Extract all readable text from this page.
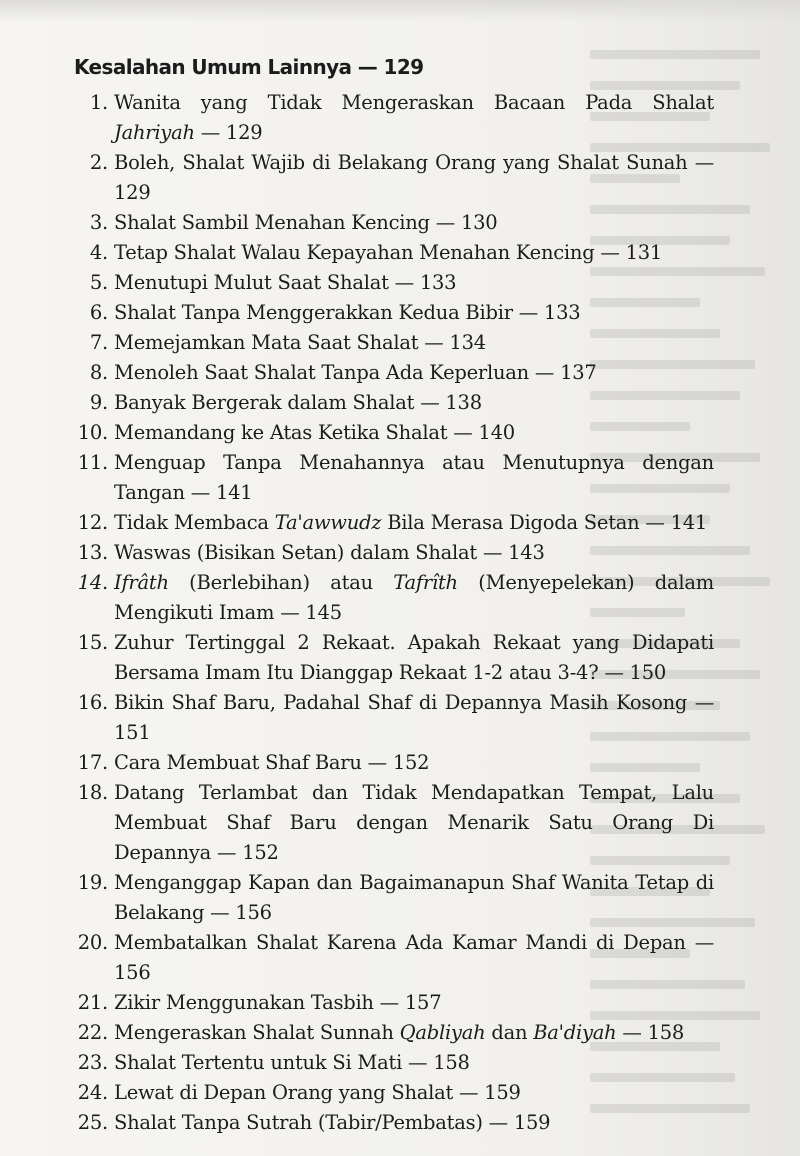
Kesalahan Umum Lainnya — 129
1. Wanita yang Tidak Mengeraskan Bacaan Pada Shalat Jahriyah — 129
2. Boleh, Shalat Wajib di Belakang Orang yang Shalat Sunah — 129
3. Shalat Sambil Menahan Kencing — 130
4. Tetap Shalat Walau Kepayahan Menahan Kencing — 131
5. Menutupi Mulut Saat Shalat — 133
6. Shalat Tanpa Menggerakkan Kedua Bibir — 133
7. Memejamkan Mata Saat Shalat — 134
8. Menoleh Saat Shalat Tanpa Ada Keperluan — 137
9. Banyak Bergerak dalam Shalat — 138
10. Memandang ke Atas Ketika Shalat — 140
11. Menguap Tanpa Menahannya atau Menutupnya dengan Tangan — 141
12. Tidak Membaca Ta'awwudz Bila Merasa Digoda Setan — 141
13. Waswas (Bisikan Setan) dalam Shalat — 143
14. Ifrâth (Berlebihan) atau Tafrîth (Menyepelekan) dalam Mengikuti Imam — 145
15. Zuhur Tertinggal 2 Rekaat. Apakah Rekaat yang Didapati Bersama Imam Itu Dianggap Rekaat 1-2 atau 3-4? — 150
16. Bikin Shaf Baru, Padahal Shaf di Depannya Masih Kosong — 151
17. Cara Membuat Shaf Baru — 152
18. Datang Terlambat dan Tidak Mendapatkan Tempat, Lalu Membuat Shaf Baru dengan Menarik Satu Orang Di Depannya — 152
19. Menganggap Kapan dan Bagaimanapun Shaf Wanita Tetap di Belakang — 156
20. Membatalkan Shalat Karena Ada Kamar Mandi di Depan — 156
21. Zikir Menggunakan Tasbih — 157
22. Mengeraskan Shalat Sunnah Qabliyah dan Ba'diyah — 158
23. Shalat Tertentu untuk Si Mati — 158
24. Lewat di Depan Orang yang Shalat — 159
25. Shalat Tanpa Sutrah (Tabir/Pembatas) — 159
